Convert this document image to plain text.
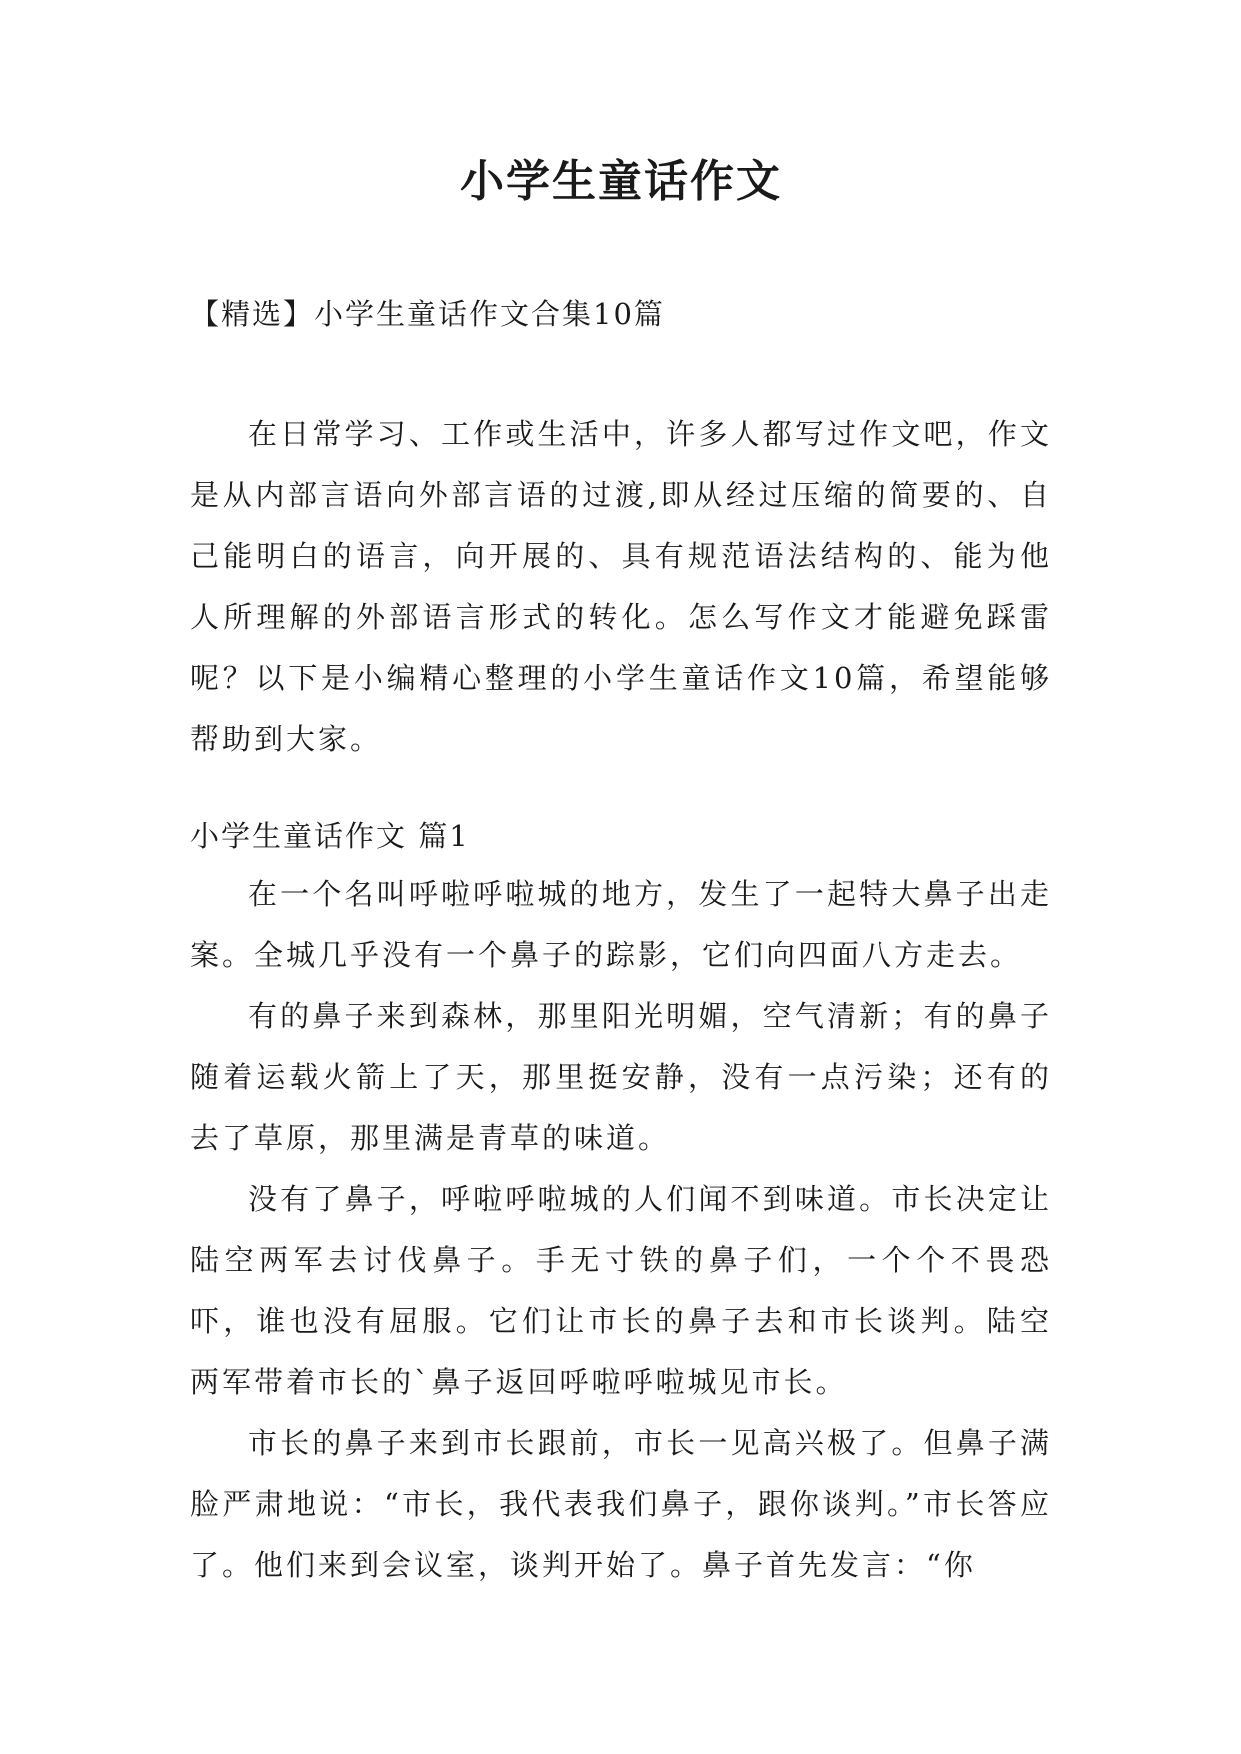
小学生童话作文
【精选】小学生童话作文合集10篇

在日常学习、工作或生活中，许多人都写过作文吧，作文是从内部言语向外部言语的过渡,即从经过压缩的简要的、自己能明白的语言，向开展的、具有规范语法结构的、能为他人所理解的外部语言形式的转化。怎么写作文才能避免踩雷呢？以下是小编精心整理的小学生童话作文10篇，希望能够帮助到大家。

小学生童话作文 篇1

在一个名叫呼啦呼啦城的地方，发生了一起特大鼻子出走案。全城几乎没有一个鼻子的踪影，它们向四面八方走去。

有的鼻子来到森林，那里阳光明媚，空气清新；有的鼻子随着运载火箭上了天，那里挺安静，没有一点污染；还有的去了草原，那里满是青草的味道。

没有了鼻子，呼啦呼啦城的人们闻不到味道。市长决定让陆空两军去讨伐鼻子。手无寸铁的鼻子们，一个个不畏恐吓，谁也没有屈服。它们让市长的鼻子去和市长谈判。陆空两军带着市长的`鼻子返回呼啦呼啦城见市长。

市长的鼻子来到市长跟前，市长一见高兴极了。但鼻子满脸严肃地说：“市长，我代表我们鼻子，跟你谈判。”市长答应了。他们来到会议室，谈判开始了。鼻子首先发言：“你
